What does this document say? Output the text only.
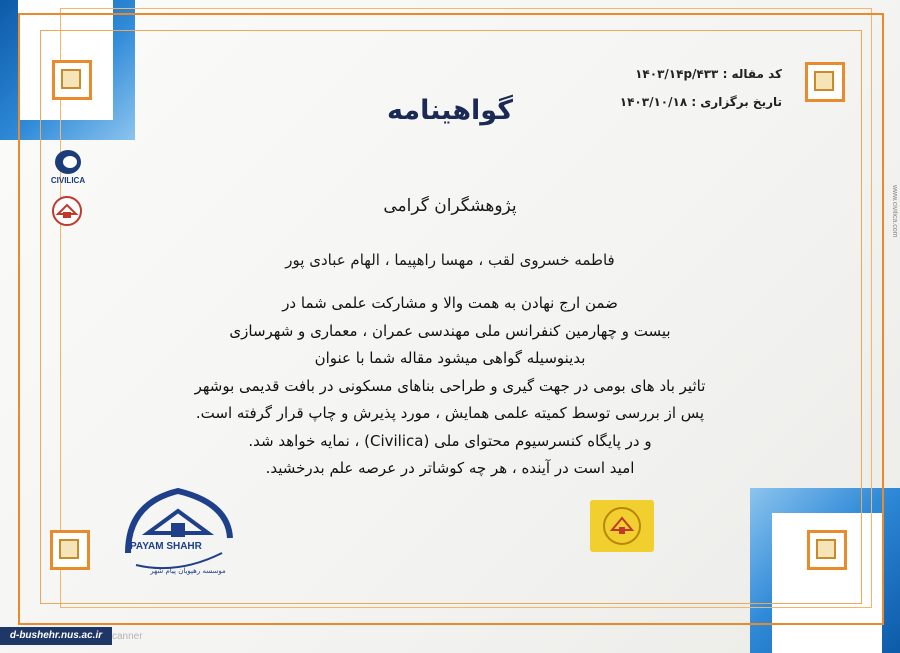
CIVILICA
کد مقاله : ۱۴۰۳/۱۴p/۴۳۳
تاریخ برگزاری : ۱۴۰۳/۱۰/۱۸
گواهینامه
پژوهشگران گرامی
فاطمه خسروی لقب ، مهسا راهپیما ، الهام عبادی پور
ضمن ارج نهادن به همت والا و مشارکت علمی شما در
بیست و چهارمین کنفرانس ملی مهندسی عمران ، معماری و شهرسازی
بدینوسیله گواهی میشود مقاله شما با عنوان
تاثیر باد های بومی در جهت گیری و طراحی بناهای مسکونی در بافت قدیمی بوشهر
پس از بررسی توسط کمیته علمی همایش ، مورد پذیرش و چاپ قرار گرفته است.
و در پایگاه کنسرسیوم محتوای ملی (Civilica) ، نمایه خواهد شد.
امید است در آینده ، هر چه کوشاتر در عرصه علم بدرخشید.
PAYAM SHAHR
موسسه رهپویان پیام شهر
www.civilica.com
d-bushehr.nus.ac.ir canner
